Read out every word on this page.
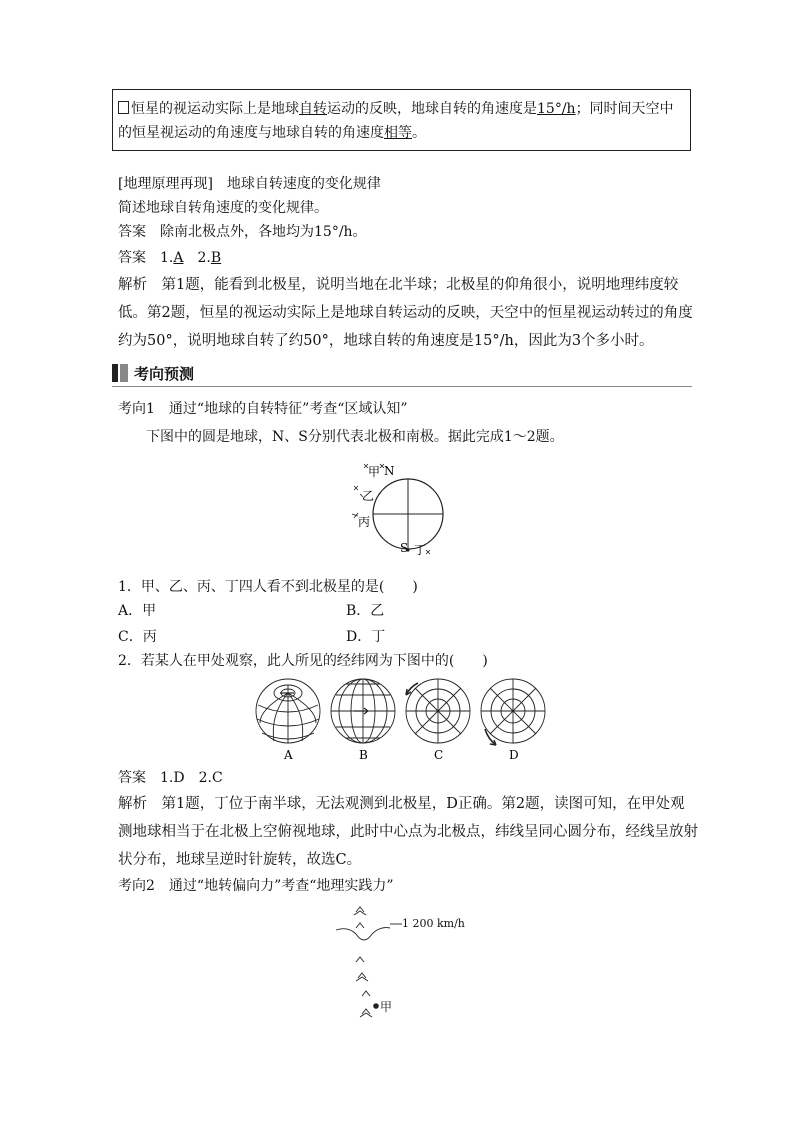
恒星的视运动实际上是地球自转运动的反映，地球自转的角速度是15°/h；同时间天空中
的恒星视运动的角速度与地球自转的角速度相等。
[地理原理再现]　地球自转速度的变化规律
简述地球自转角速度的变化规律。
答案　除南北极点外，各地均为15°/h。
答案　1.A　2.B
解析　第1题，能看到北极星，说明当地在北半球；北极星的仰角很小，说明地理纬度较
低。第2题，恒星的视运动实际上是地球自转运动的反映，天空中的恒星视运动转过的角度
约为50°，说明地球自转了约50°，地球自转的角速度是15°/h，因此为3个多小时。
考向预测
考向1　通过“地球的自转特征”考查“区域认知”
下图中的圆是地球，N、S分别代表北极和南极。据此完成1～2题。
甲 N
乙
丙
S 丁
1．甲、乙、丙、丁四人看不到北极星的是(　　)
A．甲	B．乙
C．丙	D．丁
2．若某人在甲处观察，此人所见的经纬网为下图中的(　　)
A	B	C	D
答案　1.D　2.C
解析　第1题，丁位于南半球，无法观测到北极星，D正确。第2题，读图可知，在甲处观
测地球相当于在北极上空俯视地球，此时中心点为北极点，纬线呈同心圆分布，经线呈放射
状分布，地球呈逆时针旋转，故选C。
考向2　通过“地转偏向力”考查“地理实践力”
1 200 km/h
甲
